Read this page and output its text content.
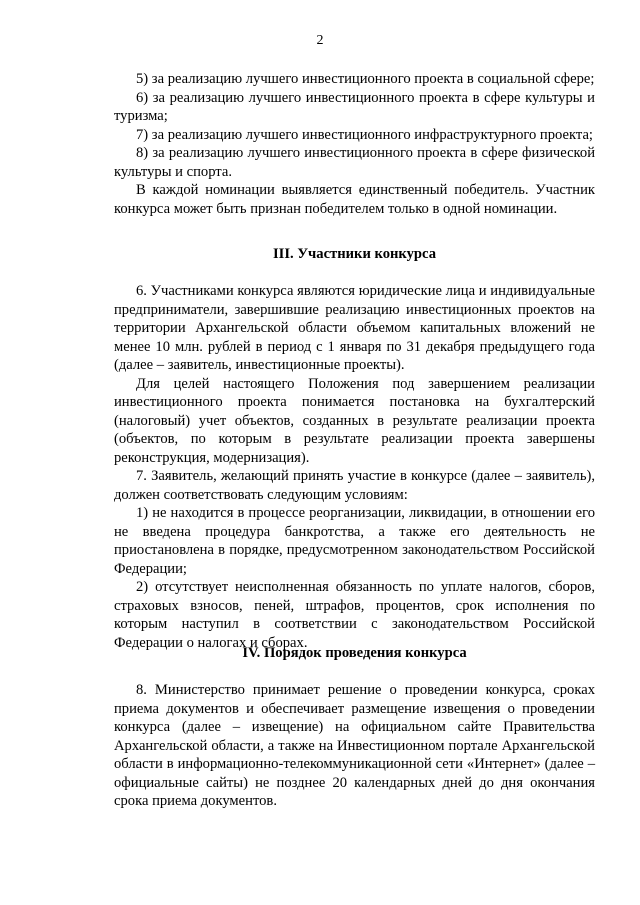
2

5) за реализацию лучшего инвестиционного проекта в социальной сфере;

6) за реализацию лучшего инвестиционного проекта в сфере культуры и туризма;

7) за реализацию лучшего инвестиционного инфраструктурного проекта;

8) за реализацию лучшего инвестиционного проекта в сфере физической культуры и спорта.

В каждой номинации выявляется единственный победитель. Участник конкурса может быть признан победителем только в одной номинации.

III. Участники конкурса

6. Участниками конкурса являются юридические лица и индивидуальные предприниматели, завершившие реализацию инвестиционных проектов на территории Архангельской области объемом капитальных вложений не менее 10 млн. рублей в период с 1 января по 31 декабря предыдущего года (далее – заявитель, инвестиционные проекты).

Для целей настоящего Положения под завершением реализации инвестиционного проекта понимается постановка на бухгалтерский (налоговый) учет объектов, созданных в результате реализации проекта (объектов, по которым в результате реализации проекта завершены реконструкция, модернизация).

7. Заявитель, желающий принять участие в конкурсе (далее – заявитель), должен соответствовать следующим условиям:

1) не находится в процессе реорганизации, ликвидации, в отношении его не введена процедура банкротства, а также его деятельность не приостановлена в порядке, предусмотренном законодательством Российской Федерации;

2) отсутствует неисполненная обязанность по уплате налогов, сборов, страховых взносов, пеней, штрафов, процентов, срок исполнения по которым наступил в соответствии с законодательством Российской Федерации о налогах и сборах.

IV. Порядок проведения конкурса

8. Министерство принимает решение о проведении конкурса, сроках приема документов и обеспечивает размещение извещения о проведении конкурса (далее – извещение) на официальном сайте Правительства Архангельской области, а также на Инвестиционном портале Архангельской области в информационно-телекоммуникационной сети «Интернет» (далее – официальные сайты) не позднее 20 календарных дней до дня окончания срока приема документов.
